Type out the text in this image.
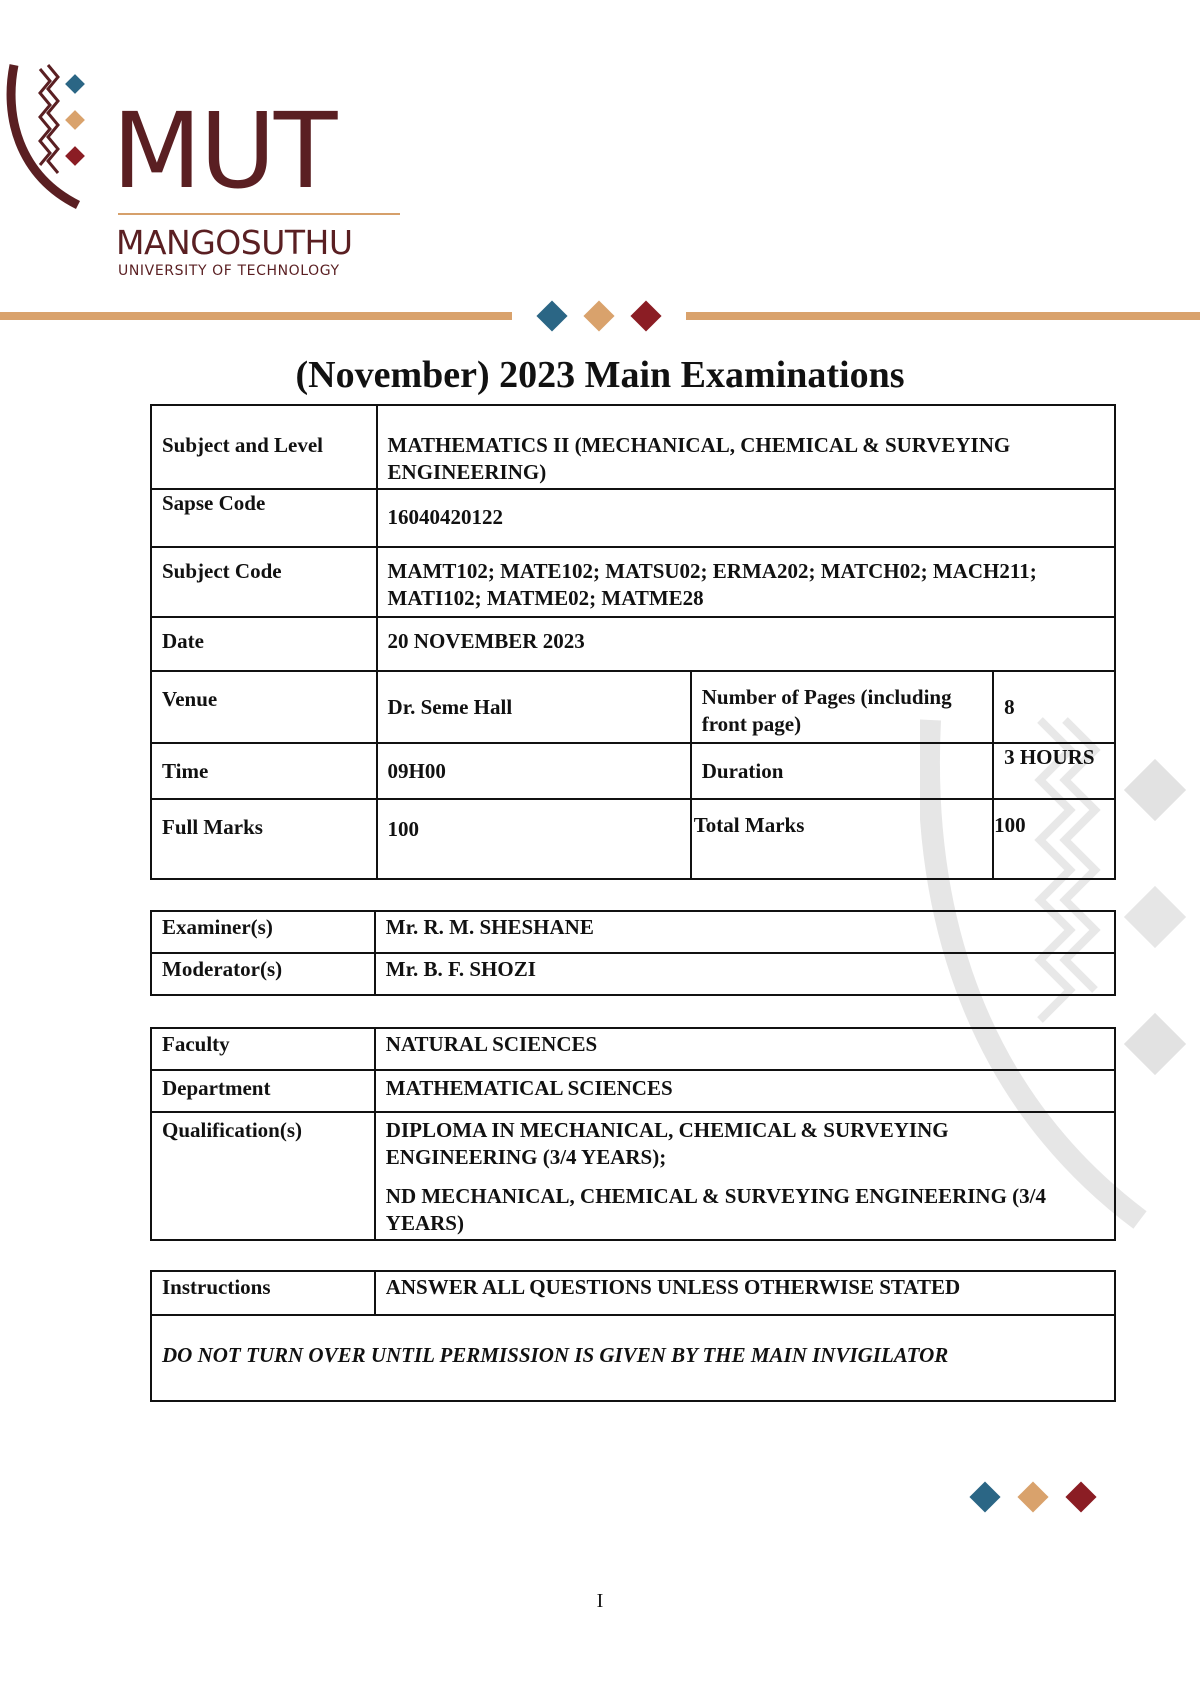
MUT
MANGOSUTHU
UNIVERSITY OF TECHNOLOGY
(November) 2023 Main Examinations
Subject and Level	MATHEMATICS II (MECHANICAL, CHEMICAL & SURVEYING ENGINEERING)		
Sapse Code	16040420122		
Subject Code	MAMT102; MATE102; MATSU02; ERMA202; MATCH02; MACH211; MATI102; MATME02; MATME28		
Date	20 NOVEMBER 2023		
Venue	Dr. Seme Hall	Number of Pages (including front page)	8
Time	09H00	Duration	3 HOURS
Full Marks	100	Total Marks	100
Examiner(s)	Mr. R. M. SHESHANE
Moderator(s)	Mr. B. F. SHOZI
Faculty	NATURAL SCIENCES
Department	MATHEMATICAL SCIENCES
Qualification(s)	DIPLOMA IN MECHANICAL, CHEMICAL & SURVEYING ENGINEERING (3/4 YEARS);
ND MECHANICAL, CHEMICAL & SURVEYING ENGINEERING (3/4 YEARS)
Instructions	ANSWER ALL QUESTIONS UNLESS OTHERWISE STATED
DO NOT TURN OVER UNTIL PERMISSION IS GIVEN BY THE MAIN INVIGILATOR
I
